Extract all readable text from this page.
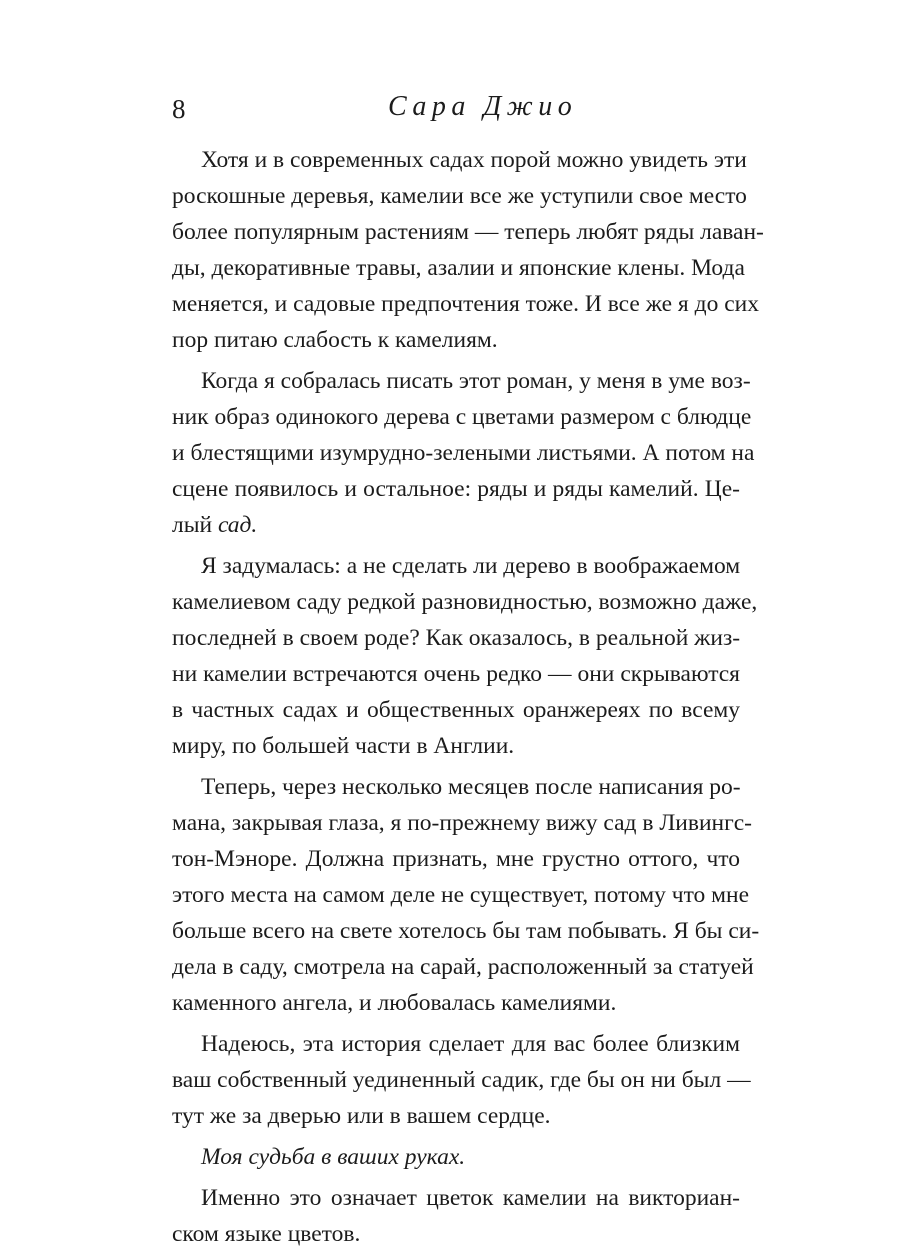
8	Сара Джио
Хотя и в современных садах порой можно увидеть эти
роскошные деревья, камелии все же уступили свое место
более популярным растениям — теперь любят ряды лаван-
ды, декоративные травы, азалии и японские клены. Мода
меняется, и садовые предпочтения тоже. И все же я до сих
пор питаю слабость к камелиям.
Когда я собралась писать этот роман, у меня в уме воз-
ник образ одинокого дерева с цветами размером с блюдце
и блестящими изумрудно-зелеными листьями. А потом на
сцене появилось и остальное: ряды и ряды камелий. Це-
лый сад.
Я задумалась: а не сделать ли дерево в воображаемом
камелиевом саду редкой разновидностью, возможно даже,
последней в своем роде? Как оказалось, в реальной жиз-
ни камелии встречаются очень редко — они скрываются
в частных садах и общественных оранжереях по всему
миру, по большей части в Англии.
Теперь, через несколько месяцев после написания ро-
мана, закрывая глаза, я по-прежнему вижу сад в Ливингс-
тон-Мэноре. Должна признать, мне грустно оттого, что
этого места на самом деле не существует, потому что мне
больше всего на свете хотелось бы там побывать. Я бы си-
дела в саду, смотрела на сарай, расположенный за статуей
каменного ангела, и любовалась камелиями.
Надеюсь, эта история сделает для вас более близким
ваш собственный уединенный садик, где бы он ни был —
тут же за дверью или в вашем сердце.
Моя судьба в ваших руках.
Именно это означает цветок камелии на викториан-
ском языке цветов.
